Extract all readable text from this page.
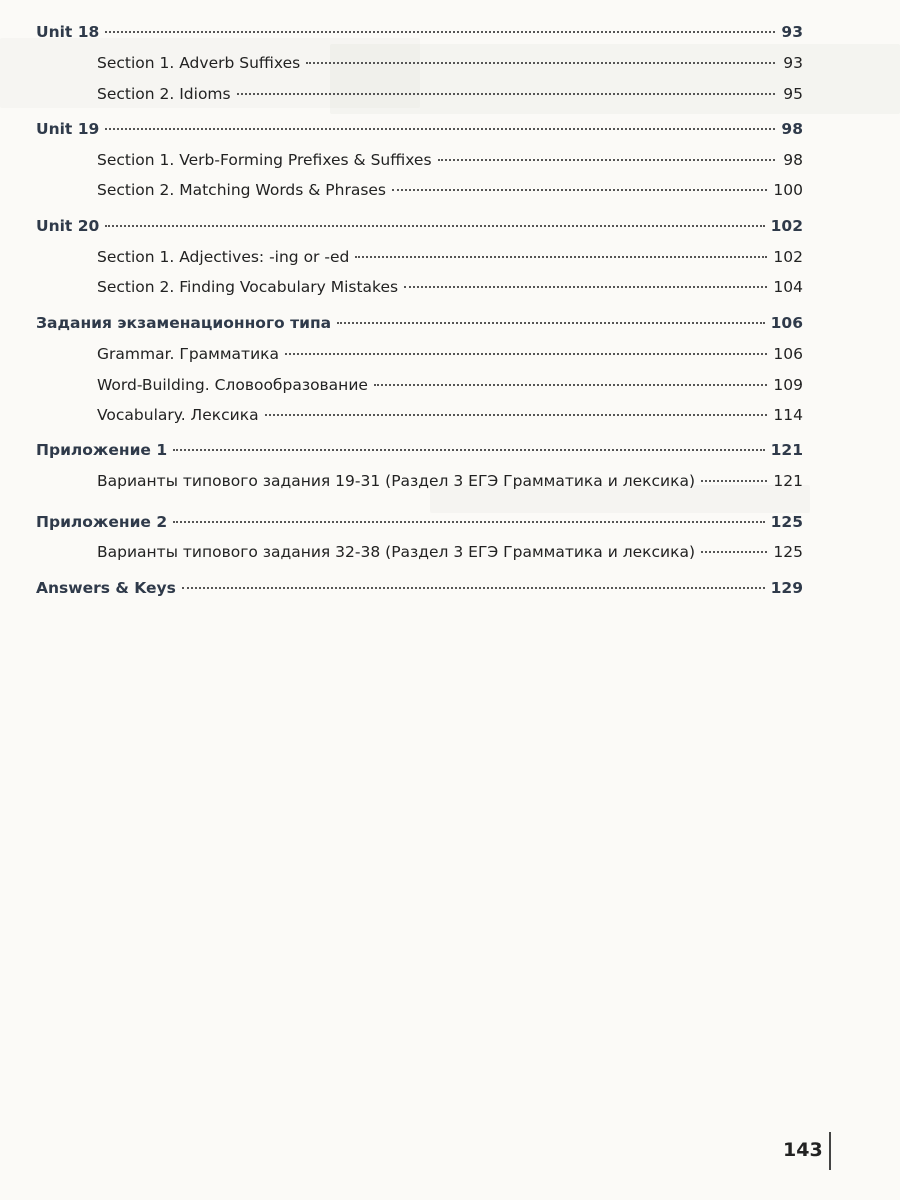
Unit 18	93
Section 1. Adverb Suffixes	93
Section 2. Idioms	95
Unit 19	98
Section 1. Verb-Forming Prefixes & Suffixes	98
Section 2. Matching Words & Phrases	100
Unit 20	102
Section 1. Adjectives: -ing or -ed	102
Section 2. Finding Vocabulary Mistakes	104
Задания экзаменационного типа	106
Grammar. Грамматика	106
Word-Building. Словообразование	109
Vocabulary. Лексика	114
Приложение 1	121
Варианты типового задания 19-31 (Раздел 3 ЕГЭ Грамматика и лексика)	121
Приложение 2	125
Варианты типового задания 32-38 (Раздел 3 ЕГЭ Грамматика и лексика)	125
Answers & Keys	129
143
